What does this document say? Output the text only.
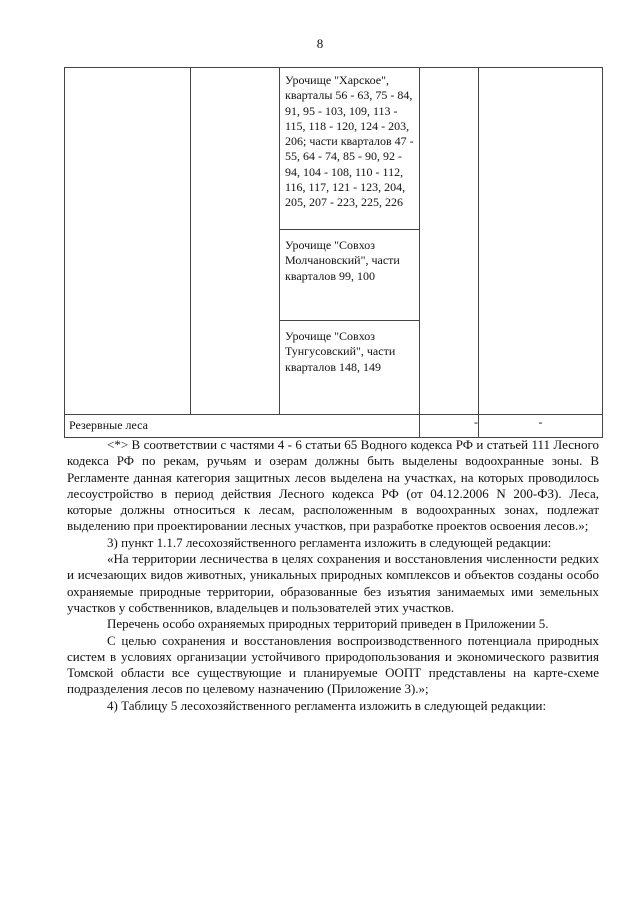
8

		Урочище "Харское", кварталы 56 - 63, 75 - 84, 91, 95 - 103, 109, 113 - 115, 118 - 120, 124 - 203, 206; части кварталов 47 - 55, 64 - 74, 85 - 90, 92 - 94, 104 - 108, 110 - 112, 116, 117, 121 - 123, 204, 205, 207 - 223, 225, 226		

		Урочище "Совхоз Молчановский", части кварталов 99, 100		

		Урочище "Совхоз Тунгусовский", части кварталов 148, 149		

Резервные леса			-	-

<*> В соответствии с частями 4 - 6 статьи 65 Водного кодекса РФ и статьей 111 Лесного кодекса РФ по рекам, ручьям и озерам должны быть выделены водоохранные зоны. В Регламенте данная категория защитных лесов выделена на участках, на которых проводилось лесоустройство в период действия Лесного кодекса РФ (от 04.12.2006 N 200-ФЗ). Леса, которые должны относиться к лесам, расположенным в водоохранных зонах, подлежат выделению при проектировании лесных участков, при разработке проектов освоения лесов.»;

3) пункт 1.1.7 лесохозяйственного регламента изложить в следующей редакции:

«На территории лесничества в целях сохранения и восстановления численности редких и исчезающих видов животных, уникальных природных комплексов и объектов созданы особо охраняемые природные территории, образованные без изъятия занимаемых ими земельных участков у собственников, владельцев и пользователей этих участков.

Перечень особо охраняемых природных территорий приведен в Приложении 5.

С целью сохранения и восстановления воспроизводственного потенциала природных систем в условиях организации устойчивого природопользования и экономического развития Томской области все существующие и планируемые ООПТ представлены на карте-схеме подразделения лесов по целевому назначению (Приложение 3).»;

4) Таблицу 5 лесохозяйственного регламента изложить в следующей редакции:
